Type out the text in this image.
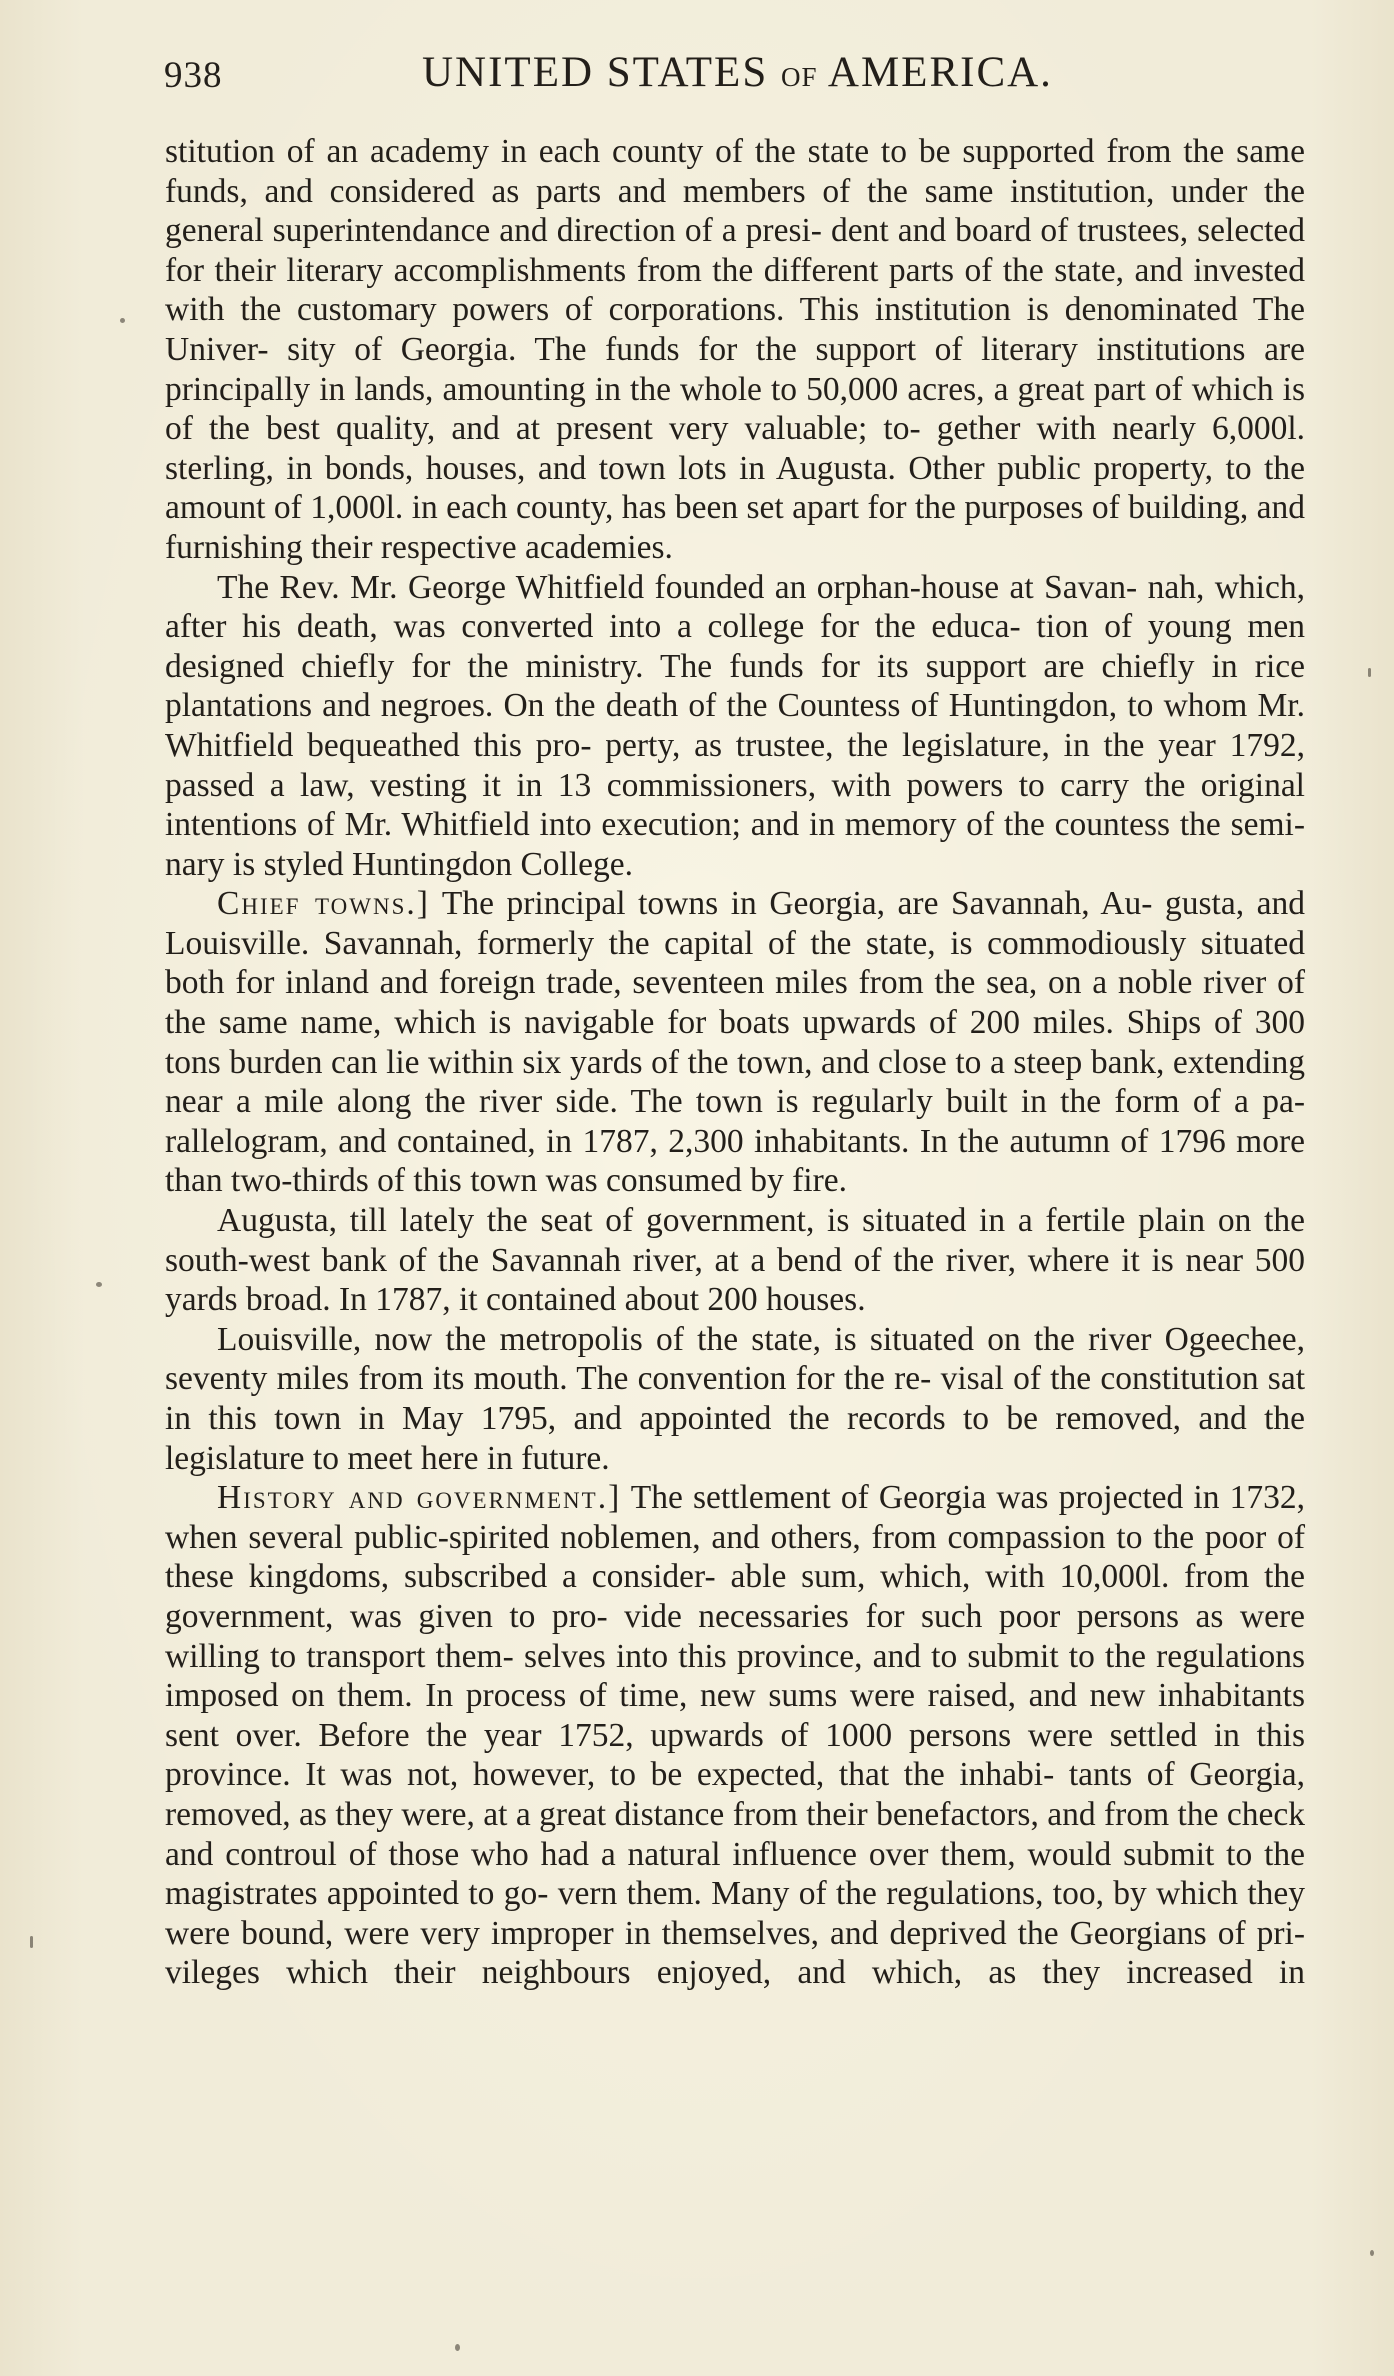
938	UNITED STATES OF AMERICA.

stitution of an academy in each county of the state to be supported from the same funds, and considered as parts and members of the same institution, under the general superintendance and direction of a presi- dent and board of trustees, selected for their literary accomplishments from the different parts of the state, and invested with the customary powers of corporations. This institution is denominated The Univer- sity of Georgia. The funds for the support of literary institutions are principally in lands, amounting in the whole to 50,000 acres, a great part of which is of the best quality, and at present very valuable; to- gether with nearly 6,000l. sterling, in bonds, houses, and town lots in Augusta. Other public property, to the amount of 1,000l. in each county, has been set apart for the purposes of building, and furnishing their respective academies.

The Rev. Mr. George Whitfield founded an orphan-house at Savan- nah, which, after his death, was converted into a college for the educa- tion of young men designed chiefly for the ministry. The funds for its support are chiefly in rice plantations and negroes. On the death of the Countess of Huntingdon, to whom Mr. Whitfield bequeathed this pro- perty, as trustee, the legislature, in the year 1792, passed a law, vesting it in 13 commissioners, with powers to carry the original intentions of Mr. Whitfield into execution; and in memory of the countess the semi- nary is styled Huntingdon College.

Chief towns.] The principal towns in Georgia, are Savannah, Au- gusta, and Louisville. Savannah, formerly the capital of the state, is commodiously situated both for inland and foreign trade, seventeen miles from the sea, on a noble river of the same name, which is navigable for boats upwards of 200 miles. Ships of 300 tons burden can lie within six yards of the town, and close to a steep bank, extending near a mile along the river side. The town is regularly built in the form of a pa- rallelogram, and contained, in 1787, 2,300 inhabitants. In the autumn of 1796 more than two-thirds of this town was consumed by fire.

Augusta, till lately the seat of government, is situated in a fertile plain on the south-west bank of the Savannah river, at a bend of the river, where it is near 500 yards broad. In 1787, it contained about 200 houses.

Louisville, now the metropolis of the state, is situated on the river Ogeechee, seventy miles from its mouth. The convention for the re- visal of the constitution sat in this town in May 1795, and appointed the records to be removed, and the legislature to meet here in future.

History and government.] The settlement of Georgia was projected in 1732, when several public-spirited noblemen, and others, from compassion to the poor of these kingdoms, subscribed a consider- able sum, which, with 10,000l. from the government, was given to pro- vide necessaries for such poor persons as were willing to transport them- selves into this province, and to submit to the regulations imposed on them. In process of time, new sums were raised, and new inhabitants sent over. Before the year 1752, upwards of 1000 persons were settled in this province. It was not, however, to be expected, that the inhabi- tants of Georgia, removed, as they were, at a great distance from their benefactors, and from the check and controul of those who had a natural influence over them, would submit to the magistrates appointed to go- vern them. Many of the regulations, too, by which they were bound, were very improper in themselves, and deprived the Georgians of pri- vileges which their neighbours enjoyed, and which, as they increased in
